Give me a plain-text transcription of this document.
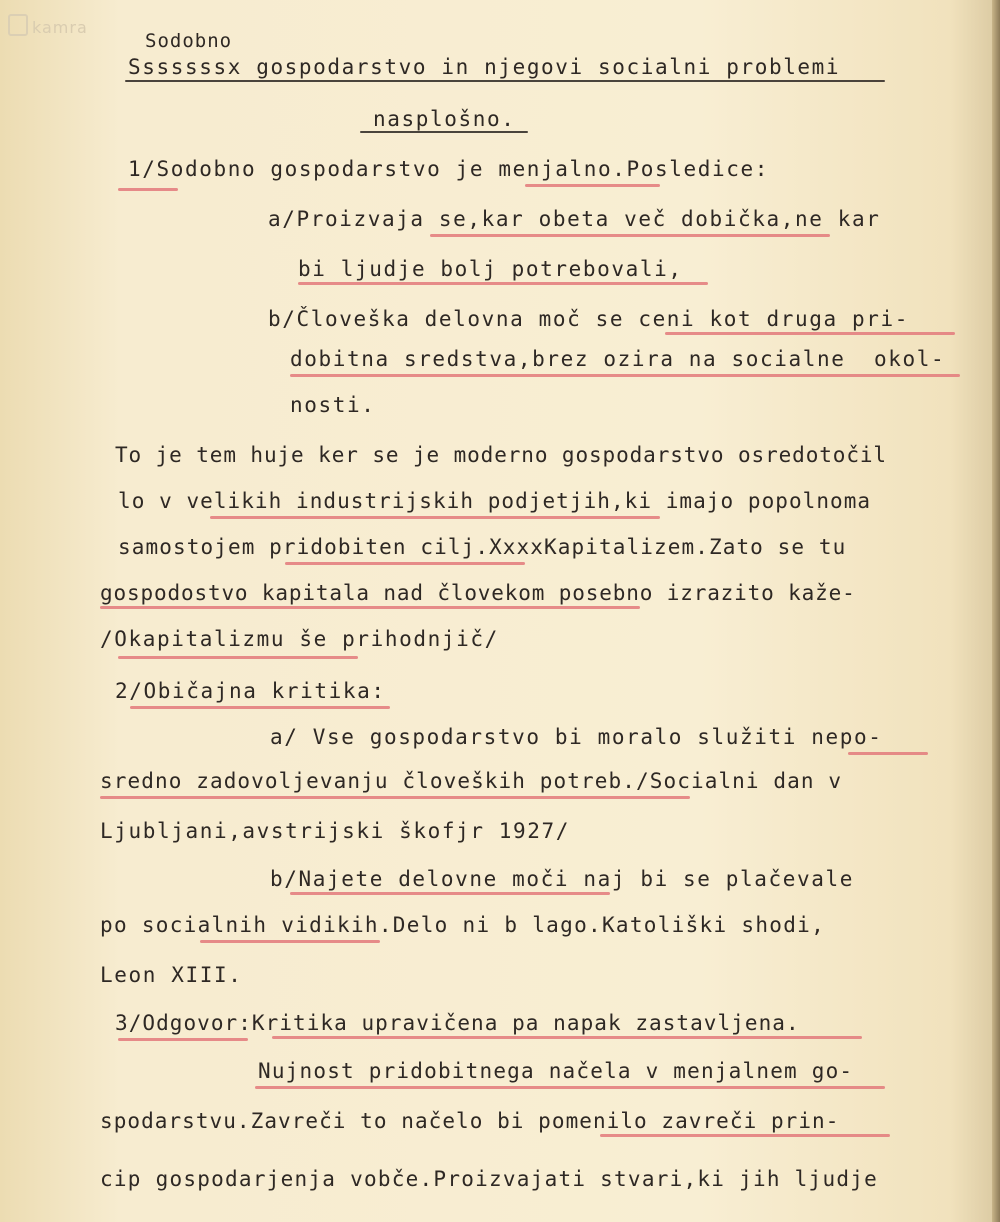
kamra
Sodobno
Sssssssx gospodarstvo in njegovi socialni problemi
nasplošno.
1/Sodobno gospodarstvo je menjalno.Posledice:
a/Proizvaja se,kar obeta več dobička,ne kar
bi ljudje bolj potrebovali,
b/Človeška delovna moč se ceni kot druga pri-
dobitna sredstva,brez ozira na socialne  okol-
nosti.
To je tem huje ker se je moderno gospodarstvo osredotočil
lo v velikih industrijskih podjetjih,ki imajo popolnoma
samostojem pridobiten cilj.XxxxKapitalizem.Zato se tu
gospodostvo kapitala nad človekom posebno izrazito kaže-
/Okapitalizmu še prihodnjič/
2/Običajna kritika:
a/ Vse gospodarstvo bi moralo služiti nepo-
sredno zadovoljevanju človeških potreb./Socialni dan v
Ljubljani,avstrijski škofjr 1927/
b/Najete delovne moči naj bi se plačevale
po socialnih vidikih.Delo ni b lago.Katoliški shodi,
Leon XIII.
3/Odgovor:Kritika upravičena pa napak zastavljena.
Nujnost pridobitnega načela v menjalnem go-
spodarstvu.Zavreči to načelo bi pomenilo zavreči prin-
cip gospodarjenja vobče.Proizvajati stvari,ki jih ljudje
